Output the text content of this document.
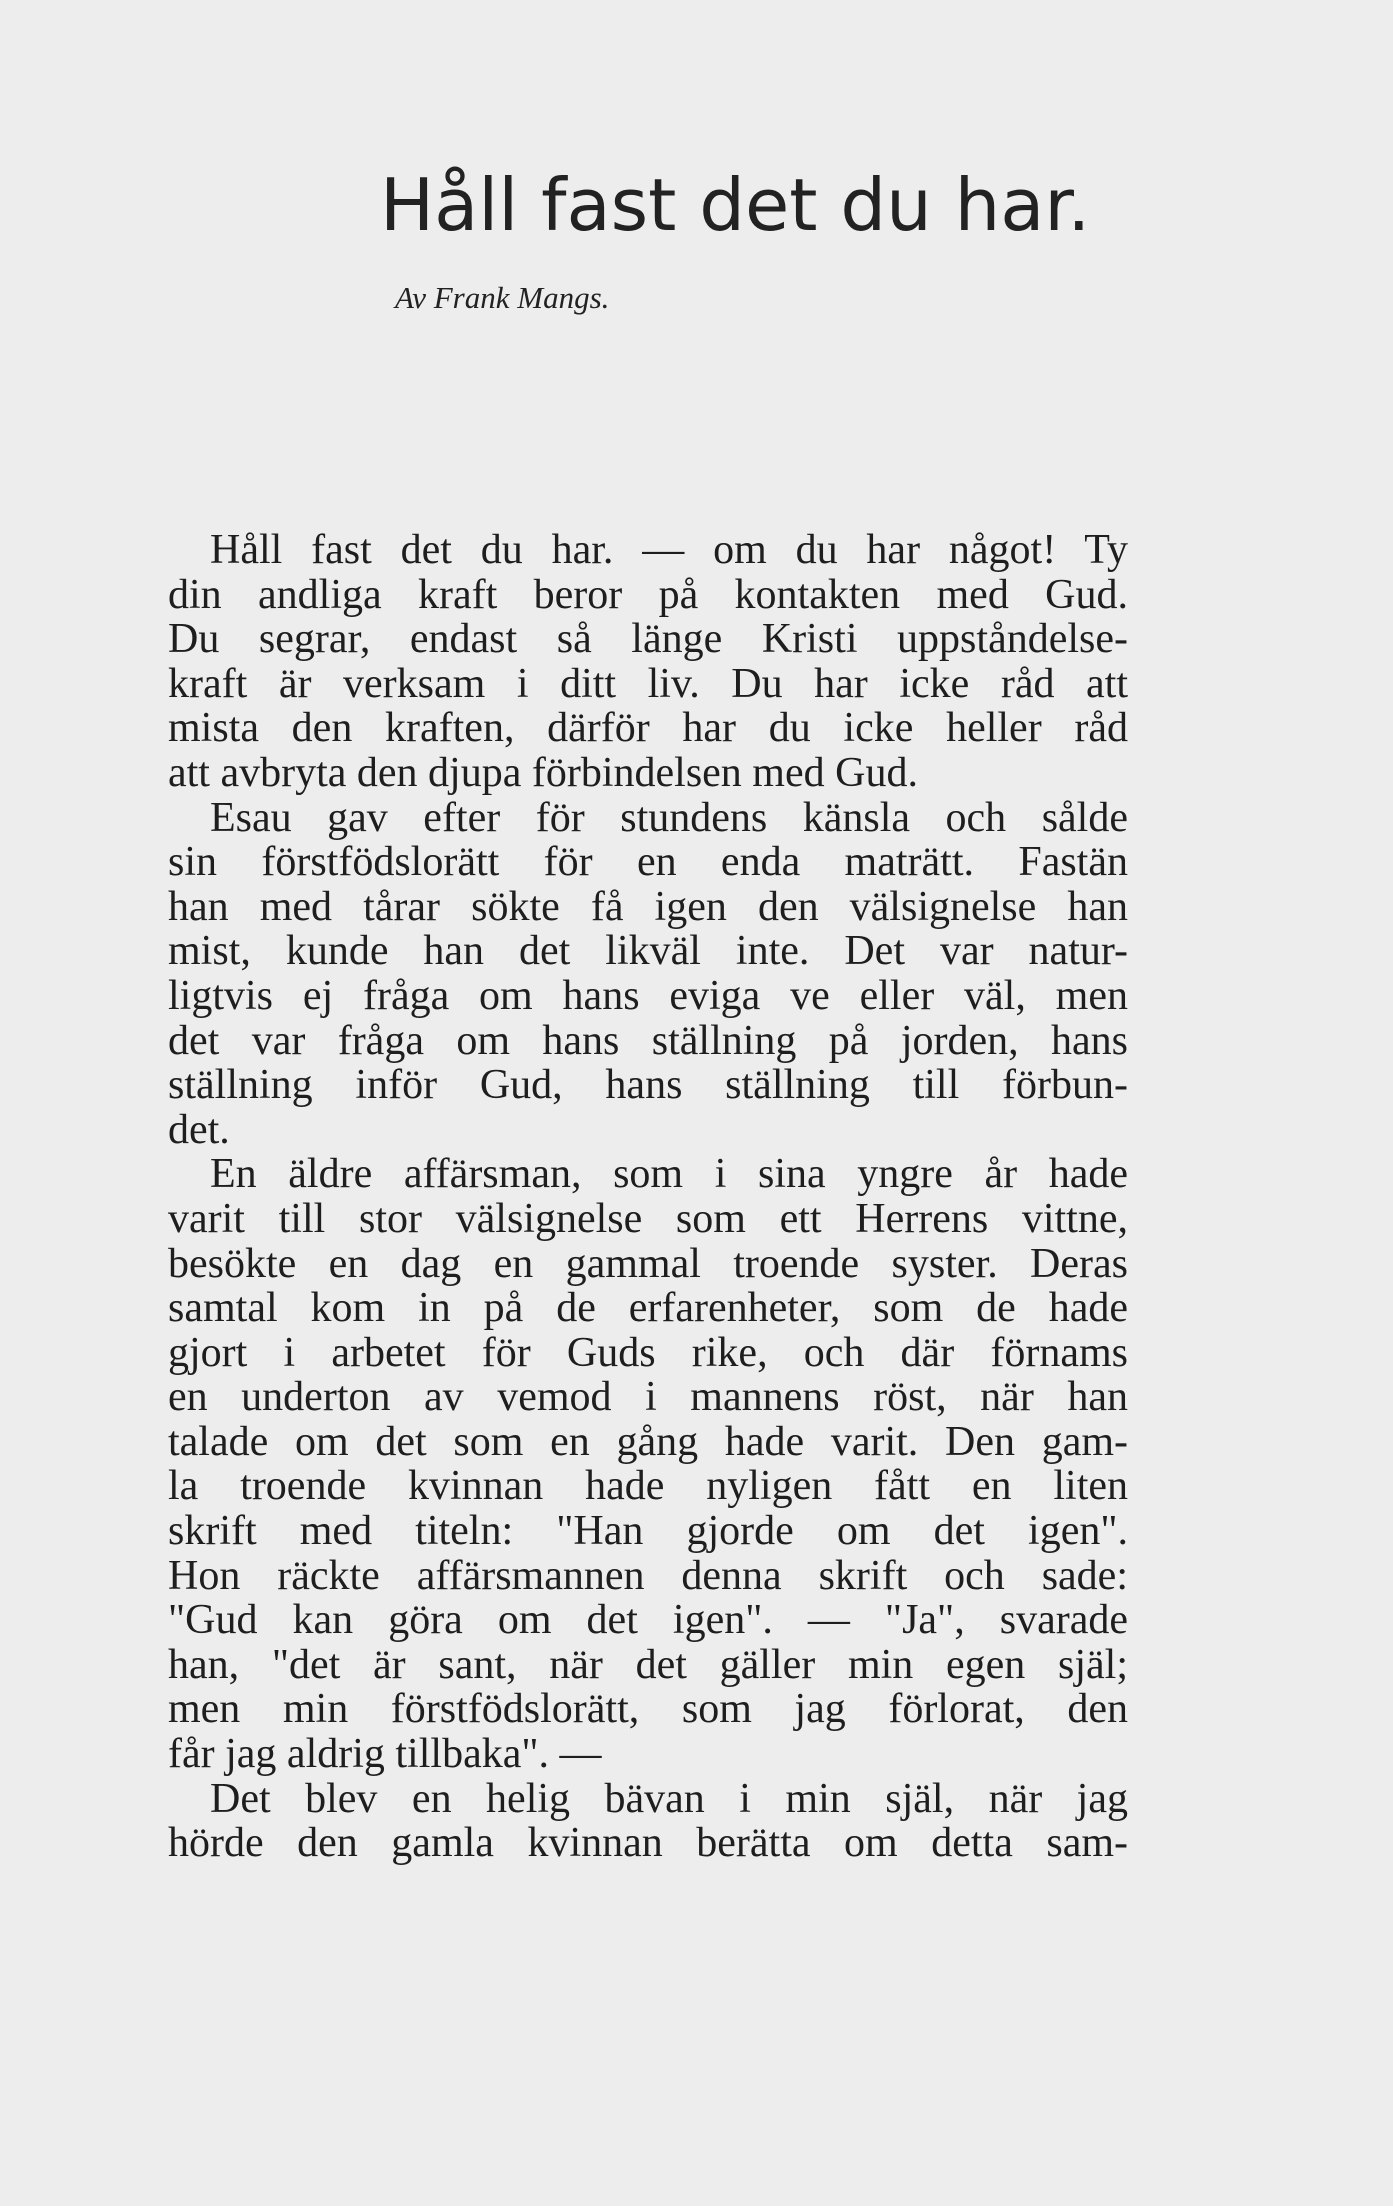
Håll fast det du har.

Av Frank Mangs.

Håll fast det du har. — om du har något! Ty
din andliga kraft beror på kontakten med Gud.
Du segrar, endast så länge Kristi uppståndelse-
kraft är verksam i ditt liv. Du har icke råd att
mista den kraften, därför har du icke heller råd
att avbryta den djupa förbindelsen med Gud.
Esau gav efter för stundens känsla och sålde
sin förstfödslorätt för en enda maträtt. Fastän
han med tårar sökte få igen den välsignelse han
mist, kunde han det likväl inte. Det var natur-
ligtvis ej fråga om hans eviga ve eller väl, men
det var fråga om hans ställning på jorden, hans
ställning inför Gud, hans ställning till förbun-
det.
En äldre affärsman, som i sina yngre år hade
varit till stor välsignelse som ett Herrens vittne,
besökte en dag en gammal troende syster. Deras
samtal kom in på de erfarenheter, som de hade
gjort i arbetet för Guds rike, och där förnams
en underton av vemod i mannens röst, när han
talade om det som en gång hade varit. Den gam-
la troende kvinnan hade nyligen fått en liten
skrift med titeln: "Han gjorde om det igen".
Hon räckte affärsmannen denna skrift och sade:
"Gud kan göra om det igen". — "Ja", svarade
han, "det är sant, när det gäller min egen själ;
men min förstfödslorätt, som jag förlorat, den
får jag aldrig tillbaka". —
Det blev en helig bävan i min själ, när jag
hörde den gamla kvinnan berätta om detta sam-
